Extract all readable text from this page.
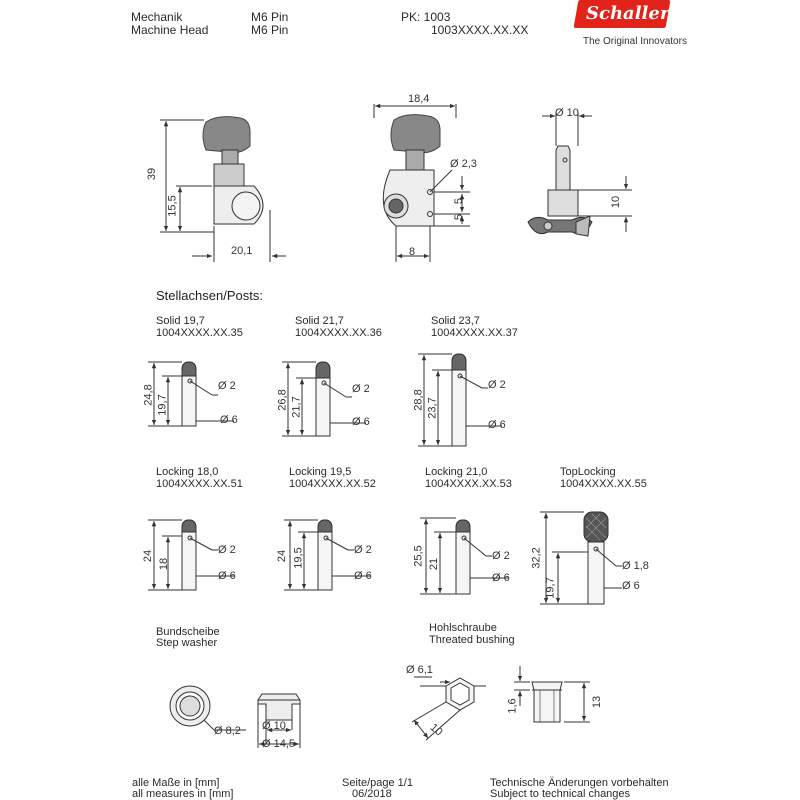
Mechanik
Machine Head
M6 Pin
M6 Pin
PK: 1003
1003XXXX.XX.XX
Schaller
The Original Innovators
39
15,5
20,1
18,4
Ø 2,3
5
5
8
Ø 10
10
Stellachsen/Posts:
Solid 19,7
1004XXXX.XX.35
Solid 21,7
1004XXXX.XX.36
Solid 23,7
1004XXXX.XX.37
24,8 19,7
Ø 2
Ø 6
26,8 21,7
Ø 2
Ø 6
28,8 23,7
Ø 2
Ø 6
Locking 18,0
1004XXXX.XX.51
Locking 19,5
1004XXXX.XX.52
Locking 21,0
1004XXXX.XX.53
TopLocking
1004XXXX.XX.55
24
18
Ø 2
Ø 6
24 19,5	Ø 2
Ø 6
25,5 21
Ø 2
Ø 6
32,2
19,7
Ø 1,8
Ø 6
Bundscheibe
Step washer
Ø 8,2 Ø 10
Ø 14,5
Hohlschraube
Threated bushing
Ø 6,1
10
1,6	13
alle Maße in [mm]
all measures in [mm]
Seite/page 1/1
06/2018
Technische Änderungen vorbehalten
Subject to technical changes
